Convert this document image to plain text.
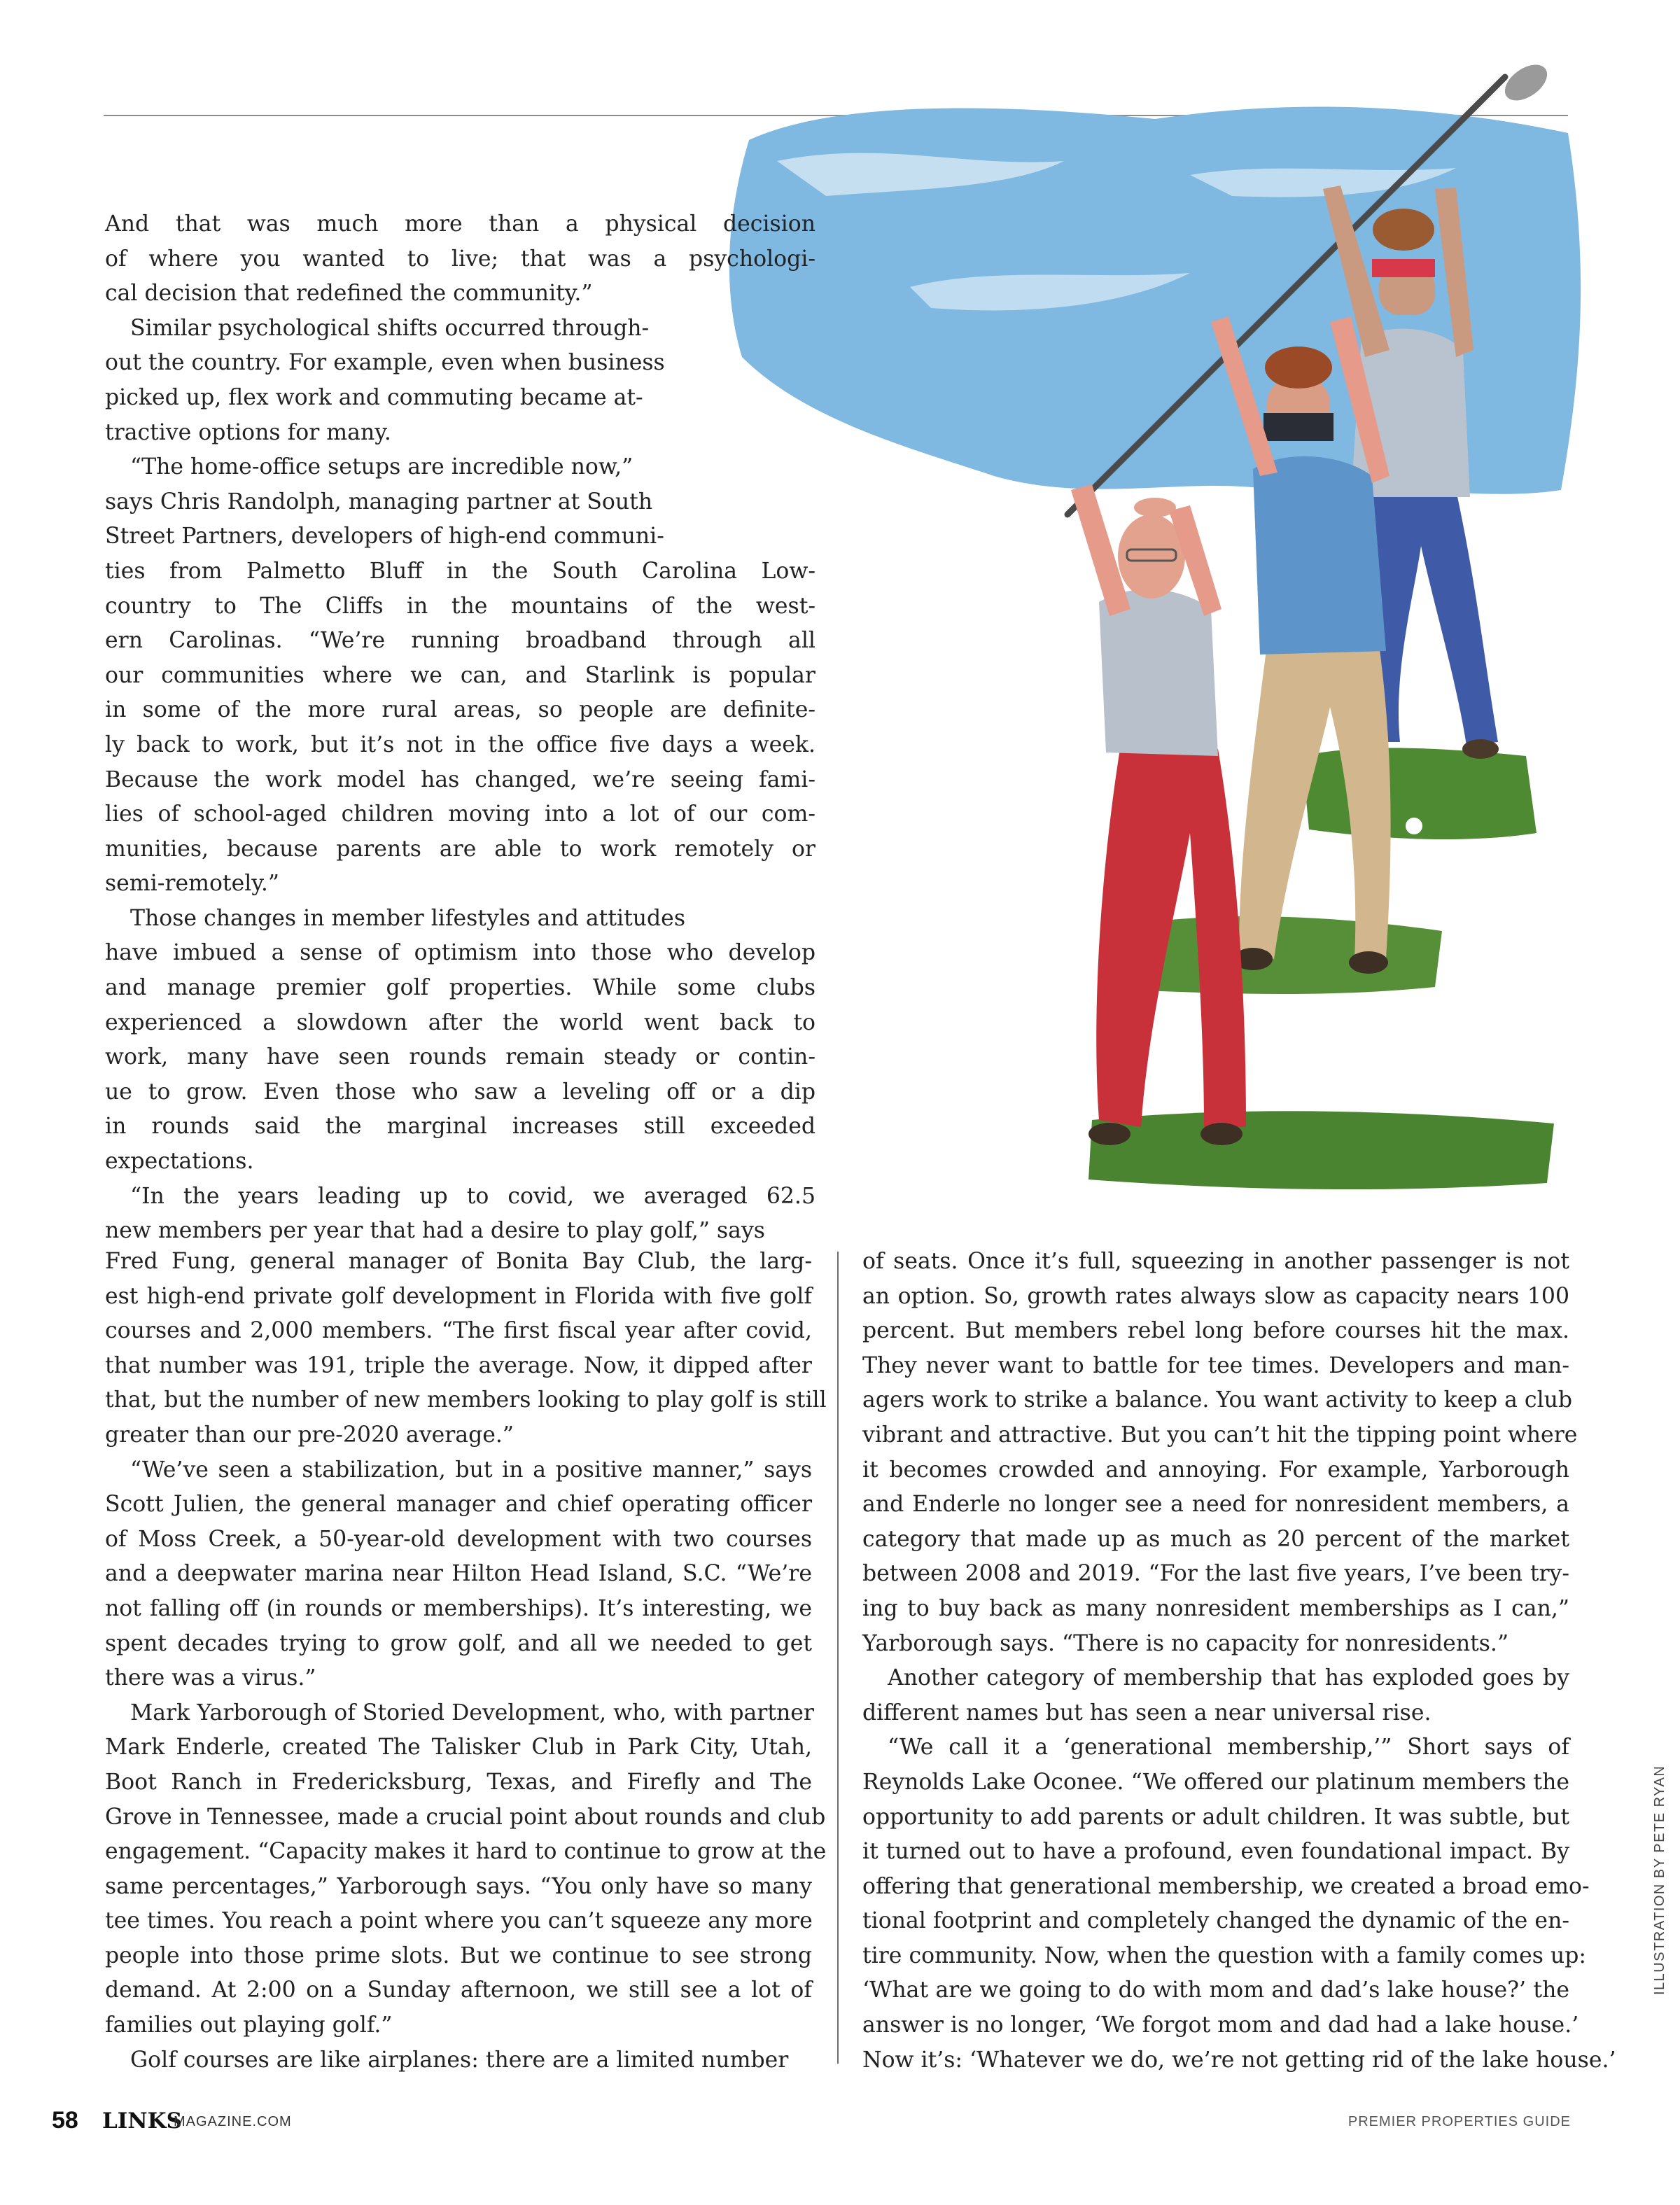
And that was much more than a physical decision
of where you wanted to live; that was a psychologi-
cal decision that redefined the community.”

Similar psychological shifts occurred through-
out the country. For example, even when business
picked up, flex work and commuting became at-
tractive options for many.

“The home-office setups are incredible now,”
says Chris Randolph, managing partner at South
Street Partners, developers of high-end communi-
ties from Palmetto Bluff in the South Carolina Low-
country to The Cliffs in the mountains of the west-
ern Carolinas. “We’re running broadband through all
our communities where we can, and Starlink is popular
in some of the more rural areas, so people are definite-
ly back to work, but it’s not in the office five days a week.
Because the work model has changed, we’re seeing fami-
lies of school-aged children moving into a lot of our com-
munities, because parents are able to work remotely or
semi-remotely.”

Those changes in member lifestyles and attitudes
have imbued a sense of optimism into those who develop
and manage premier golf properties. While some clubs
experienced a slowdown after the world went back to
work, many have seen rounds remain steady or contin-
ue to grow. Even those who saw a leveling off or a dip
in rounds said the marginal increases still exceeded
expectations.

“In the years leading up to covid, we averaged 62.5
new members per year that had a desire to play golf,” says

Fred Fung, general manager of Bonita Bay Club, the larg-
est high-end private golf development in Florida with five golf
courses and 2,000 members. “The first fiscal year after covid,
that number was 191, triple the average. Now, it dipped after
that, but the number of new members looking to play golf is still
greater than our pre-2020 average.”

“We’ve seen a stabilization, but in a positive manner,” says
Scott Julien, the general manager and chief operating officer
of Moss Creek, a 50-year-old development with two courses
and a deepwater marina near Hilton Head Island, S.C. “We’re
not falling off (in rounds or memberships). It’s interesting, we
spent decades trying to grow golf, and all we needed to get
there was a virus.”

Mark Yarborough of Storied Development, who, with partner
Mark Enderle, created The Talisker Club in Park City, Utah,
Boot Ranch in Fredericksburg, Texas, and Firefly and The
Grove in Tennessee, made a crucial point about rounds and club
engagement. “Capacity makes it hard to continue to grow at the
same percentages,” Yarborough says. “You only have so many
tee times. You reach a point where you can’t squeeze any more
people into those prime slots. But we continue to see strong
demand. At 2:00 on a Sunday afternoon, we still see a lot of
families out playing golf.”

Golf courses are like airplanes: there are a limited number

of seats. Once it’s full, squeezing in another passenger is not
an option. So, growth rates always slow as capacity nears 100
percent. But members rebel long before courses hit the max.
They never want to battle for tee times. Developers and man-
agers work to strike a balance. You want activity to keep a club
vibrant and attractive. But you can’t hit the tipping point where
it becomes crowded and annoying. For example, Yarborough
and Enderle no longer see a need for nonresident members, a
category that made up as much as 20 percent of the market
between 2008 and 2019. “For the last five years, I’ve been try-
ing to buy back as many nonresident memberships as I can,”
Yarborough says. “There is no capacity for nonresidents.”

Another category of membership that has exploded goes by
different names but has seen a near universal rise.

“We call it a ‘generational membership,’” Short says of
Reynolds Lake Oconee. “We offered our platinum members the
opportunity to add parents or adult children. It was subtle, but
it turned out to have a profound, even foundational impact. By
offering that generational membership, we created a broad emo-
tional footprint and completely changed the dynamic of the en-
tire community. Now, when the question with a family comes up:
‘What are we going to do with mom and dad’s lake house?’ the
answer is no longer, ‘We forgot mom and dad had a lake house.’
Now it’s: ‘Whatever we do, we’re not getting rid of the lake house.’

ILLUSTRATION BY PETE RYAN
58 LINKS
MAGAZINE.COM	PREMIER PROPERTIES GUIDE
